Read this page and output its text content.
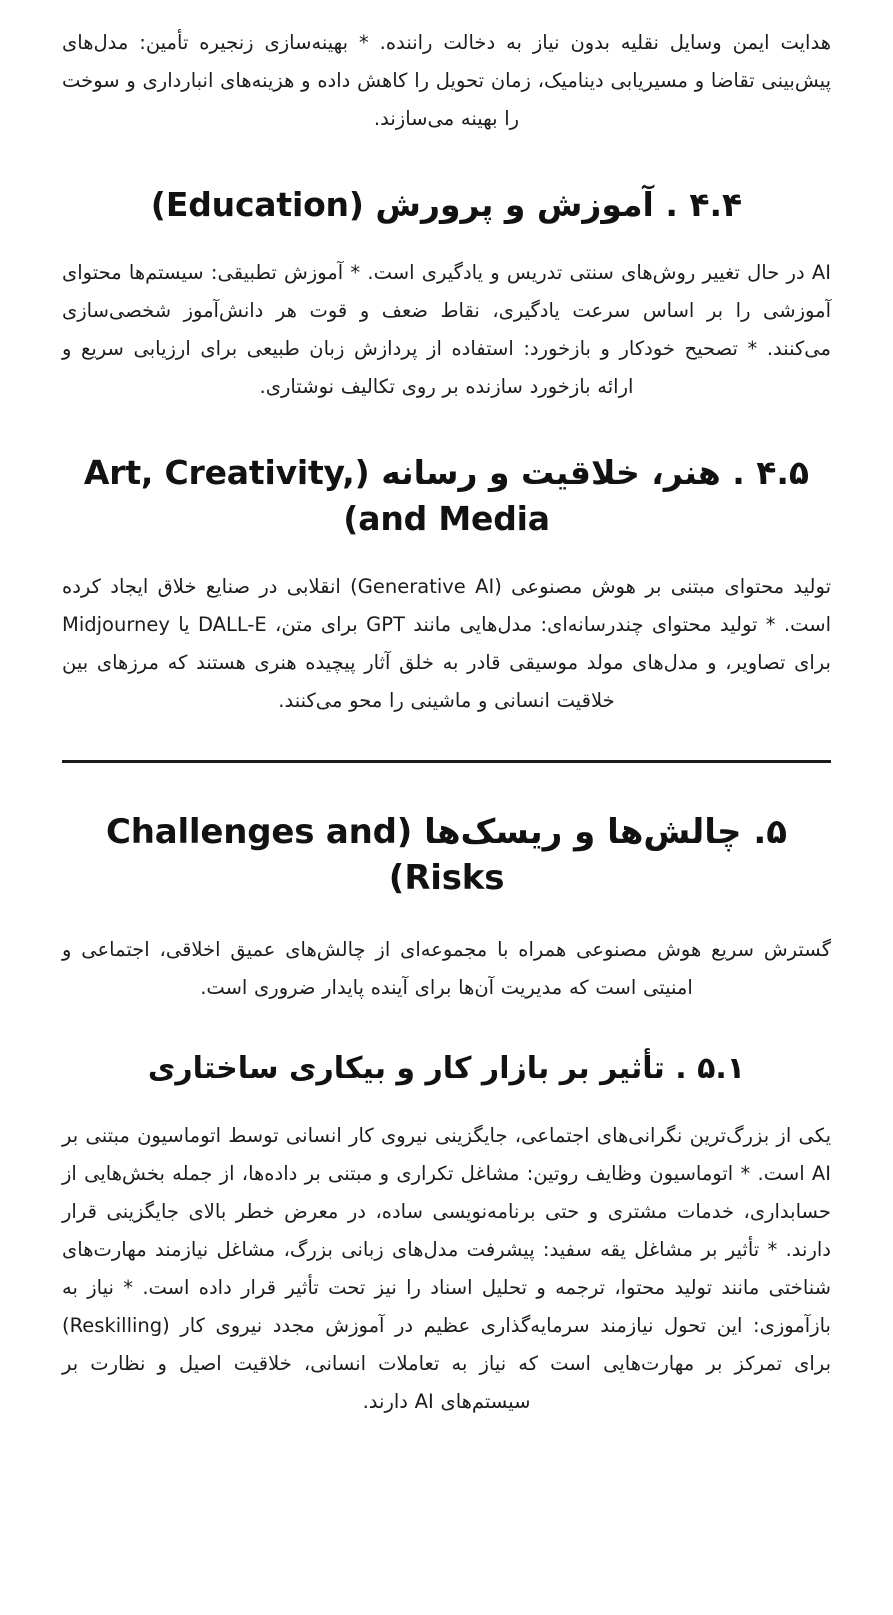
هدایت ایمن وسایل نقلیه بدون نیاز به دخالت راننده. * بهینه‌سازی زنجیره تأمین: مدل‌های پیش‌بینی تقاضا و مسیریابی دینامیک، زمان تحویل را کاهش داده و هزینه‌های انبارداری و سوخت را بهینه می‌سازند.

۴.۴ . آموزش و پرورش (Education)

AI در حال تغییر روش‌های سنتی تدریس و یادگیری است. * آموزش تطبیقی: سیستم‌ها محتوای آموزشی را بر اساس سرعت یادگیری، نقاط ضعف و قوت هر دانش‌آموز شخصی‌سازی می‌کنند. * تصحیح خودکار و بازخورد: استفاده از پردازش زبان طبیعی برای ارزیابی سریع و ارائه بازخورد سازنده بر روی تکالیف نوشتاری.

۴.۵ . هنر، خلاقیت و رسانه (Art, Creativity, and Media)

تولید محتوای مبتنی بر هوش مصنوعی (Generative AI) انقلابی در صنایع خلاق ایجاد کرده است. * تولید محتوای چندرسانه‌ای: مدل‌هایی مانند GPT برای متن، DALL-E یا Midjourney برای تصاویر، و مدل‌های مولد موسیقی قادر به خلق آثار پیچیده هنری هستند که مرزهای بین خلاقیت انسانی و ماشینی را محو می‌کنند.

۵. چالش‌ها و ریسک‌ها (Challenges and Risks)

گسترش سریع هوش مصنوعی همراه با مجموعه‌ای از چالش‌های عمیق اخلاقی، اجتماعی و امنیتی است که مدیریت آن‌ها برای آینده پایدار ضروری است.

۵.۱ . تأثیر بر بازار کار و بیکاری ساختاری

یکی از بزرگ‌ترین نگرانی‌های اجتماعی، جایگزینی نیروی کار انسانی توسط اتوماسیون مبتنی بر AI است. * اتوماسیون وظایف روتین: مشاغل تکراری و مبتنی بر داده‌ها، از جمله بخش‌هایی از حسابداری، خدمات مشتری و حتی برنامه‌نویسی ساده، در معرض خطر بالای جایگزینی قرار دارند. * تأثیر بر مشاغل یقه سفید: پیشرفت مدل‌های زبانی بزرگ، مشاغل نیازمند مهارت‌های شناختی مانند تولید محتوا، ترجمه و تحلیل اسناد را نیز تحت تأثیر قرار داده است. * نیاز به بازآموزی: این تحول نیازمند سرمایه‌گذاری عظیم در آموزش مجدد نیروی کار (Reskilling) برای تمرکز بر مهارت‌هایی است که نیاز به تعاملات انسانی، خلاقیت اصیل و نظارت بر سیستم‌های AI دارند.
